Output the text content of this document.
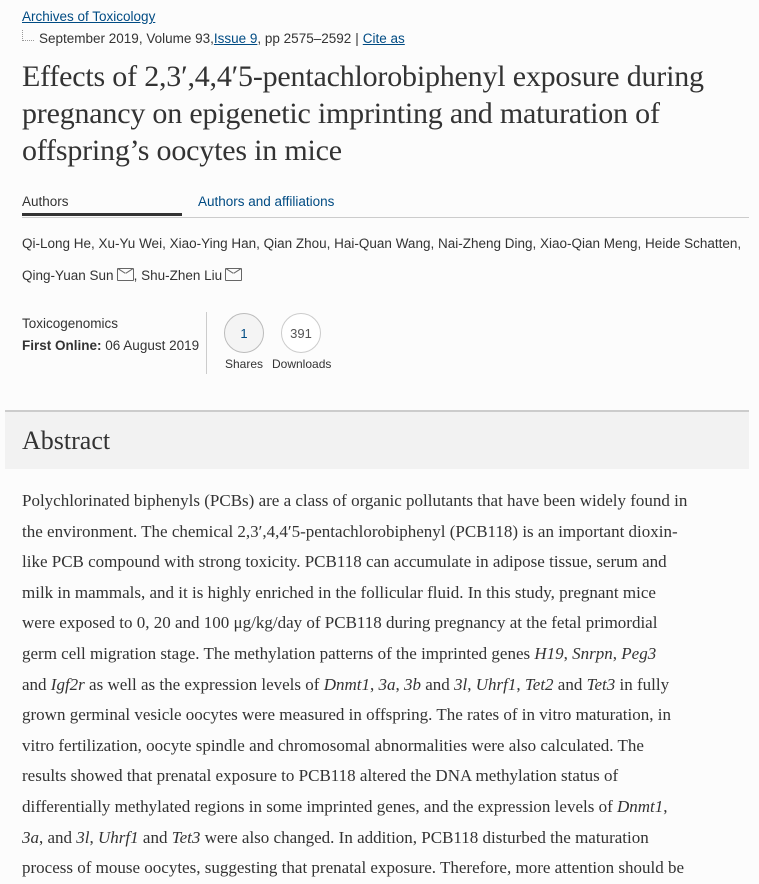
Archives of Toxicology
September 2019, Volume 93, Issue 9 , pp 2575–2592 | Cite as
Effects of 2,3′,4,4′5-pentachlorobiphenyl exposure during pregnancy on epigenetic imprinting and maturation of offspring’s oocytes in mice
Authors	Authors and affiliations
Qi-Long He, Xu-Yu Wei, Xiao-Ying Han, Qian Zhou, Hai-Quan Wang, Nai-Zheng Ding, Xiao-Qian Meng, Heide Schatten,
Qing-Yuan Sun , Shu-Zhen Liu
Toxicogenomics
First Online: 06 August 2019
1
Shares
391
Downloads
Abstract

Polychlorinated biphenyls (PCBs) are a class of organic pollutants that have been widely found in
the environment. The chemical 2,3′,4,4′5-pentachlorobiphenyl (PCB118) is an important dioxin-
like PCB compound with strong toxicity. PCB118 can accumulate in adipose tissue, serum and
milk in mammals, and it is highly enriched in the follicular fluid. In this study, pregnant mice
were exposed to 0, 20 and 100 μg/kg/day of PCB118 during pregnancy at the fetal primordial
germ cell migration stage. The methylation patterns of the imprinted genes H19, Snrpn, Peg3
and Igf2r as well as the expression levels of Dnmt1, 3a, 3b and 3l, Uhrf1, Tet2 and Tet3 in fully
grown germinal vesicle oocytes were measured in offspring. The rates of in vitro maturation, in
vitro fertilization, oocyte spindle and chromosomal abnormalities were also calculated. The
results showed that prenatal exposure to PCB118 altered the DNA methylation status of
differentially methylated regions in some imprinted genes, and the expression levels of Dnmt1,
3a, and 3l, Uhrf1 and Tet3 were also changed. In addition, PCB118 disturbed the maturation
process of mouse oocytes, suggesting that prenatal exposure. Therefore, more attention should be
